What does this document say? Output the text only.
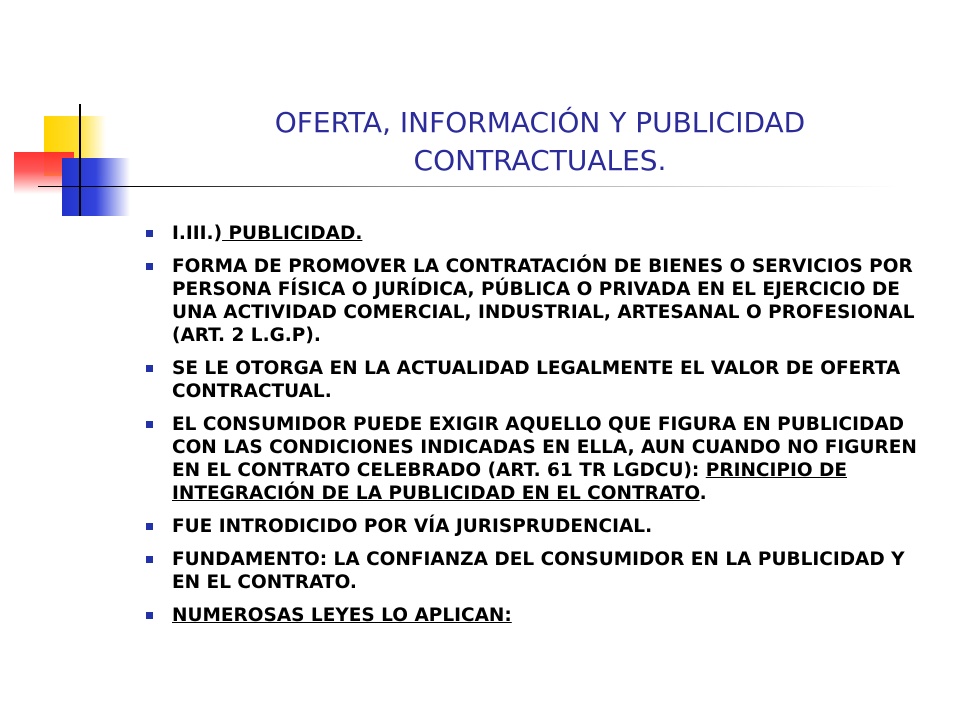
OFERTA, INFORMACIÓN Y PUBLICIDAD CONTRACTUALES.
I.III.) PUBLICIDAD.
FORMA DE PROMOVER LA CONTRATACIÓN DE BIENES O SERVICIOS POR PERSONA FÍSICA O JURÍDICA, PÚBLICA O PRIVADA EN EL EJERCICIO DE UNA ACTIVIDAD COMERCIAL, INDUSTRIAL, ARTESANAL O PROFESIONAL (ART. 2 L.G.P).
SE LE OTORGA EN LA ACTUALIDAD LEGALMENTE EL VALOR DE OFERTA CONTRACTUAL.
EL CONSUMIDOR PUEDE EXIGIR AQUELLO QUE FIGURA EN PUBLICIDAD CON LAS CONDICIONES INDICADAS EN ELLA, AUN CUANDO NO FIGUREN EN EL CONTRATO CELEBRADO (ART. 61 TR LGDCU): PRINCIPIO DE INTEGRACIÓN DE LA PUBLICIDAD EN EL CONTRATO.
FUE INTRODICIDO POR VÍA JURISPRUDENCIAL.
FUNDAMENTO: LA CONFIANZA DEL CONSUMIDOR EN LA PUBLICIDAD Y EN EL CONTRATO.
NUMEROSAS LEYES LO APLICAN:
